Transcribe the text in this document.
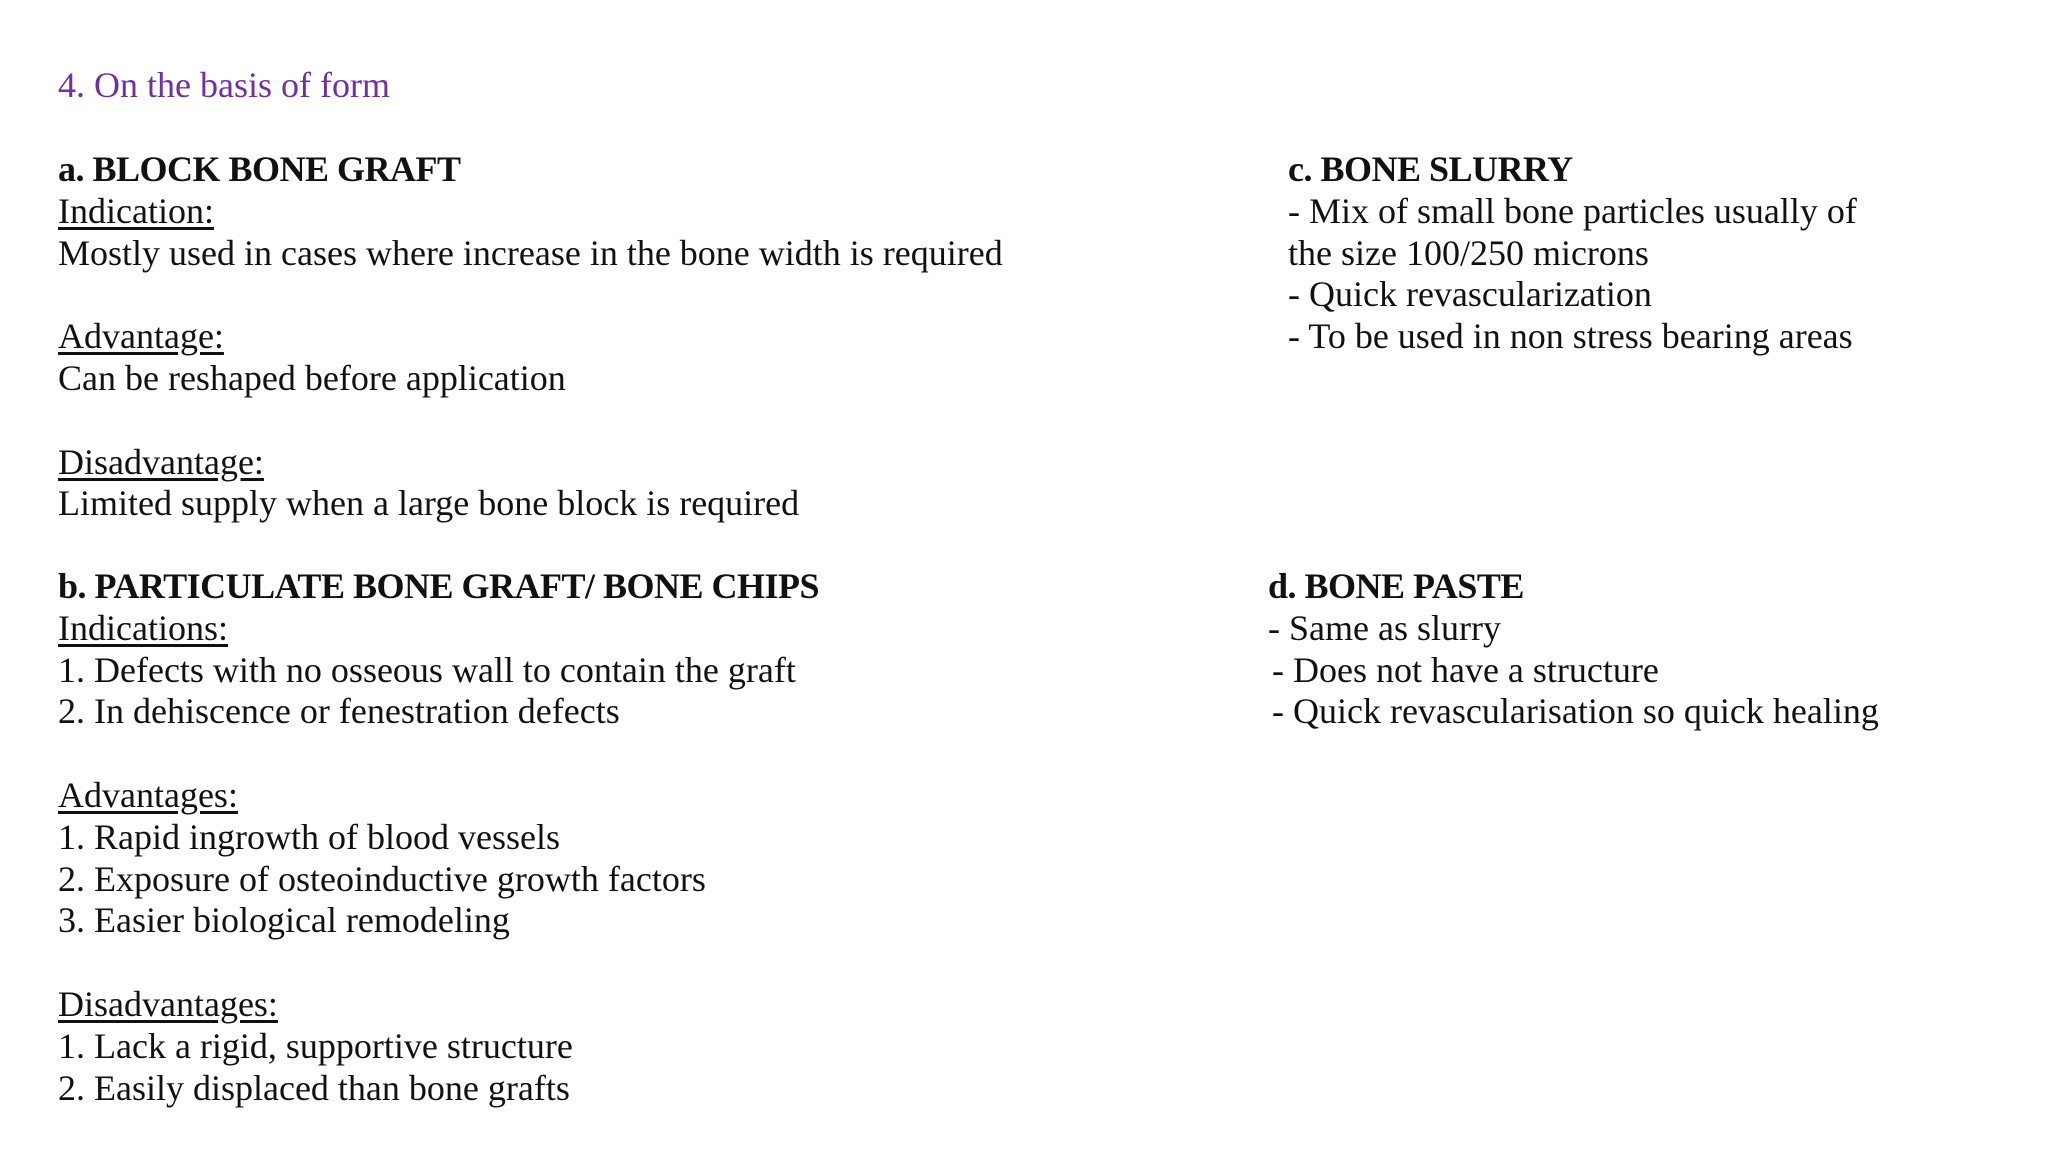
4. On the basis of form
a. BLOCK BONE GRAFT
Indication:
Mostly used in cases where increase in the bone width is required
Advantage:
Can be reshaped before application
Disadvantage:
Limited supply when a large bone block is required
b. PARTICULATE BONE GRAFT/ BONE CHIPS
Indications:
1. Defects with no osseous wall to contain the graft
2. In dehiscence or fenestration defects
Advantages:
1. Rapid ingrowth of blood vessels
2. Exposure of osteoinductive growth factors
3. Easier biological remodeling
Disadvantages:
1. Lack a rigid, supportive structure
2. Easily displaced than bone grafts
c. BONE SLURRY
- Mix of small bone particles usually of
the size 100/250 microns
- Quick revascularization
- To be used in non stress bearing areas
d. BONE PASTE
- Same as slurry
- Does not have a structure
- Quick revascularisation so quick healing
